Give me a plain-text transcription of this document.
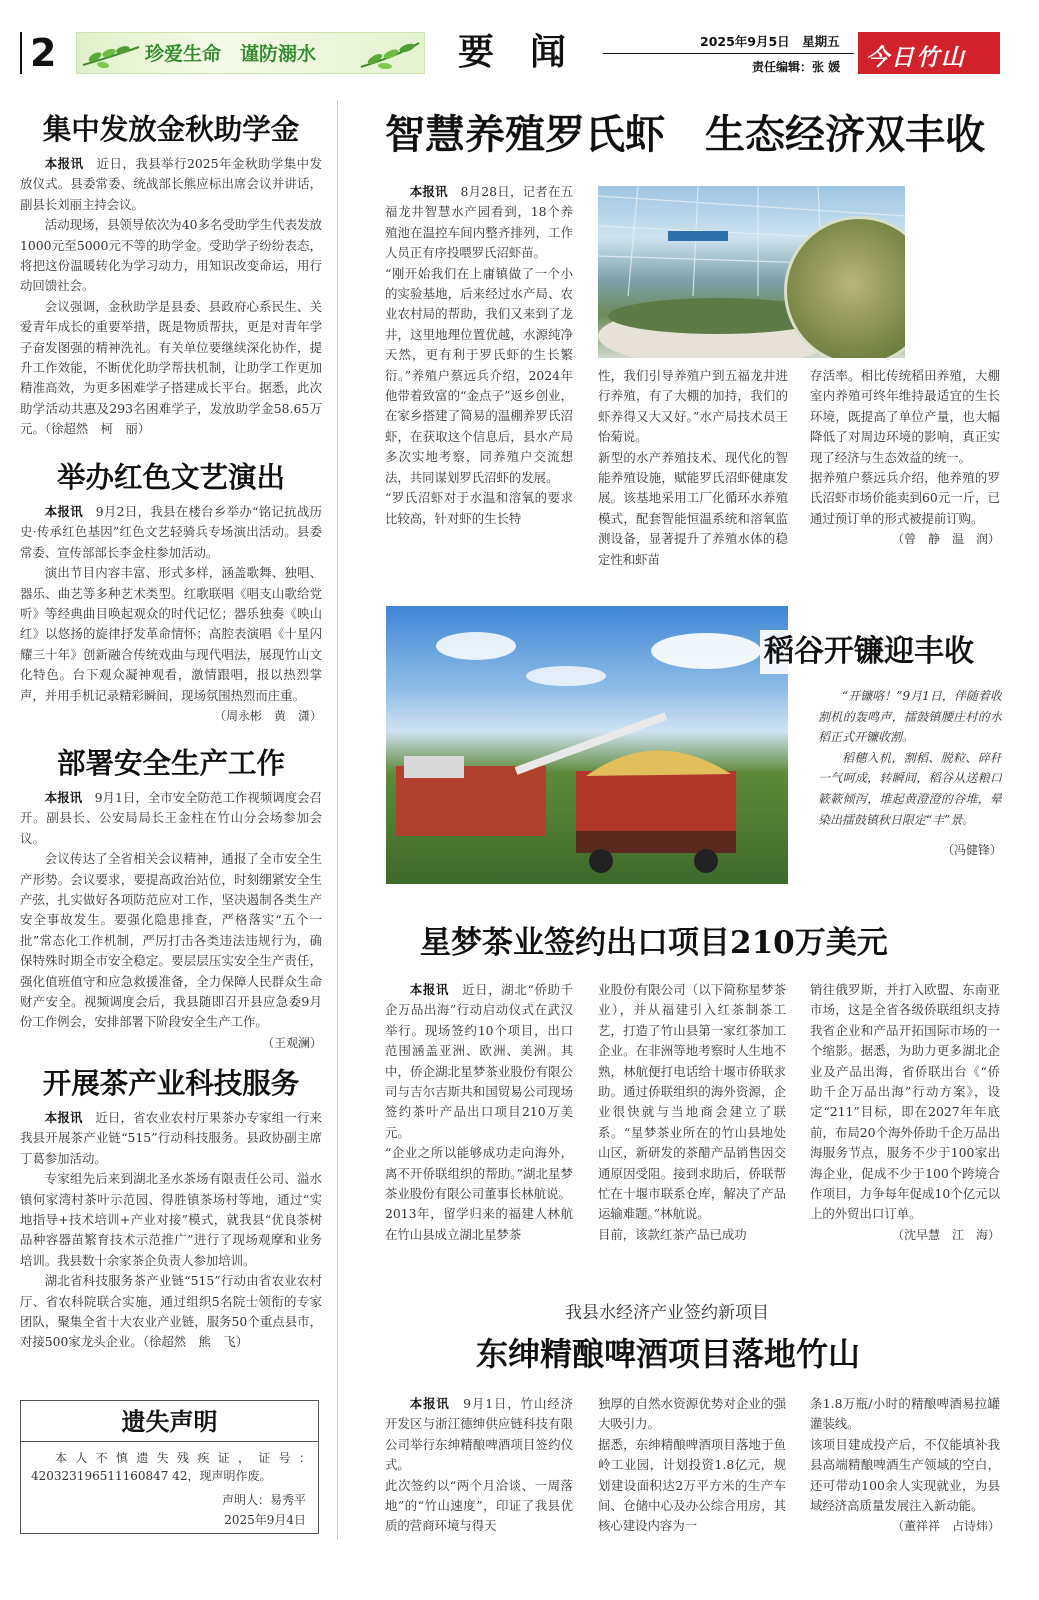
2	珍爱生命　谨防溺水	要　闻	2025年9月5日　星期五
责任编辑：张 媛 今日竹山
集中发放金秋助学金

本报讯　 近日，我县举行2025年金秋助学集中发放仪式。县委常委、统战部长熊应标出席会议并讲话，副县长刘丽主持会议。

活动现场，县领导依次为40多名受助学生代表发放1000元至5000元不等的助学金。受助学子纷纷表态，将把这份温暖转化为学习动力，用知识改变命运，用行动回馈社会。

会议强调，金秋助学是县委、县政府心系民生、关爱青年成长的重要举措，既是物质帮扶，更是对青年学子奋发图强的精神洗礼。有关单位要继续深化协作，提升工作效能，不断优化助学帮扶机制，让助学工作更加精准高效，为更多困难学子搭建成长平台。据悉，此次助学活动共惠及293名困难学子，发放助学金58.65万元。（徐超然　柯　丽）

举办红色文艺演出

本报讯　 9月2日，我县在楼台乡举办“铭记抗战历史·传承红色基因”红色文艺轻骑兵专场演出活动。县委常委、宣传部部长李金柱参加活动。

演出节目内容丰富、形式多样，涵盖歌舞、独唱、器乐、曲艺等多种艺术类型。红歌联唱《唱支山歌给党听》等经典曲目唤起观众的时代记忆；器乐独奏《映山红》以悠扬的旋律抒发革命情怀；高腔表演唱《十星闪耀三十年》创新融合传统戏曲与现代唱法，展现竹山文化特色。台下观众凝神观看，激情跟唱，报以热烈掌声，并用手机记录精彩瞬间，现场氛围热烈而庄重。

（周永彬　黄　潇）
部署安全生产工作

本报讯　 9月1日，全市安全防范工作视频调度会召开。副县长、公安局局长王金柱在竹山分会场参加会议。

会议传达了全省相关会议精神，通报了全市安全生产形势。会议要求，要提高政治站位，时刻绷紧安全生产弦，扎实做好各项防范应对工作，坚决遏制各类生产安全事故发生。要强化隐患排查，严格落实“五个一批”常态化工作机制，严厉打击各类违法违规行为，确保特殊时期全市安全稳定。要层层压实安全生产责任，强化值班值守和应急救援准备，全力保障人民群众生命财产安全。视频调度会后，我县随即召开县应急委9月份工作例会，安排部署下阶段安全生产工作。

（王观澜）
开展茶产业科技服务

本报讯　 近日，省农业农村厅果茶办专家组一行来我县开展茶产业链“515”行动科技服务。县政协副主席丁葛参加活动。

专家组先后来到湖北圣水茶场有限责任公司、溢水镇何家湾村茶叶示范园、得胜镇茶场村等地，通过“实地指导+技术培训+产业对接”模式，就我县“优良茶树品种容器苗繁育技术示范推广”进行了现场观摩和业务培训。我县数十余家茶企负责人参加培训。

湖北省科技服务茶产业链“515”行动由省农业农村厅、省农科院联合实施，通过组织5名院士领衔的专家团队，聚集全省十大农业产业链，服务50个重点县市，对接500家龙头企业。（徐超然　熊　飞）

遗失声明
本人不慎遗失残疾证，证号：420323196511160847 42，现声明作废。
声明人：易秀平
2025年9月4日
智慧养殖罗氏虾　生态经济双丰收

本报讯　 8月28日，记者在五福龙井智慧水产园看到，18个养殖池在温控车间内整齐排列，工作人员正有序投喂罗氏沼虾苗。
“刚开始我们在上庸镇做了一个小的实验基地，后来经过水产局、农业农村局的帮助，我们又来到了龙井，这里地理位置优越，水源纯净天然，更有利于罗氏虾的生长繁衍。”养殖户蔡远兵介绍，2024年他带着致富的“金点子”返乡创业，在家乡搭建了简易的温棚养罗氏沼虾，在获取这个信息后，县水产局多次实地考察，同养殖户交流想法，共同谋划罗氏沼虾的发展。
“罗氏沼虾对于水温和溶氧的要求比较高，针对虾的生长特

性，我们引导养殖户到五福龙井进行养殖，有了大棚的加持，我们的虾养得又大又好。”水产局技术员王怡菊说。
新型的水产养殖技术、现代化的智能养殖设施，赋能罗氏沼虾健康发展。该基地采用工厂化循环水养殖模式，配套智能恒温系统和溶氧监测设备，显著提升了养殖水体的稳定性和虾苗

存活率。相比传统稻田养殖，大棚室内养殖可终年维持最适宜的生长环境，既提高了单位产量，也大幅降低了对周边环境的影响，真正实现了经济与生态效益的统一。
据养殖户蔡远兵介绍，他养殖的罗氏沼虾市场价能卖到60元一斤，已通过预订单的形式被提前订购。

（曾　静　温　润）
稻谷开镰迎丰收

“开镰咯！”9月1日，伴随着收割机的轰鸣声，擂鼓镇腰庄村的水稻正式开镰收割。

稻穗入机，割稻、脱粒、碎秆一气呵成，转瞬间，稻谷从送粮口簌簌倾泻，堆起黄澄澄的谷堆，晕染出擂鼓镇秋日限定“丰”景。

（冯健锋）
星梦茶业签约出口项目210万美元

本报讯　 近日，湖北“侨助千企万品出海”行动启动仪式在武汉举行。现场签约10个项目，出口范围涵盖亚洲、欧洲、美洲。其中，侨企湖北星梦茶业股份有限公司与吉尔吉斯共和国贸易公司现场签约茶叶产品出口项目210万美元。
“企业之所以能够成功走向海外，离不开侨联组织的帮助。”湖北星梦茶业股份有限公司董事长林航说。
2013年，留学归来的福建人林航在竹山县成立湖北星梦茶

业股份有限公司（以下简称星梦茶业），并从福建引入红茶制茶工艺，打造了竹山县第一家红茶加工企业。在非洲等地考察时人生地不熟，林航便打电话给十堰市侨联求助。通过侨联组织的海外资源，企业很快就与当地商会建立了联系。“星梦茶业所在的竹山县地处山区，新研发的茶醋产品销售因交通原因受阻。接到求助后，侨联帮忙在十堰市联系仓库，解决了产品运输难题。”林航说。
目前，该款红茶产品已成功

销往俄罗斯，并打入欧盟、东南亚市场，这是全省各级侨联组织支持我省企业和产品开拓国际市场的一个缩影。据悉，为助力更多湖北企业及产品出海，省侨联出台《“侨助千企万品出海”行动方案》，设定“211”目标，即在2027年年底前，布局20个海外侨助千企万品出海服务节点，服务不少于100家出海企业，促成不少于100个跨境合作项目，力争每年促成10个亿元以上的外贸出口订单。

（沈早慧　江　海）
我县水经济产业签约新项目
东绅精酿啤酒项目落地竹山

本报讯　 9月1日，竹山经济开发区与浙江德绅供应链科技有限公司举行东绅精酿啤酒项目签约仪式。
此次签约以“两个月洽谈、一周落地”的“竹山速度”，印证了我县优质的营商环境与得天

独厚的自然水资源优势对企业的强大吸引力。
据悉，东绅精酿啤酒项目落地于鱼岭工业园，计划投资1.8亿元，规划建设面积达2万平方米的生产车间、仓储中心及办公综合用房，其核心建设内容为一

条1.8万瓶/小时的精酿啤酒易拉罐灌装线。
该项目建成投产后，不仅能填补我县高端精酿啤酒生产领域的空白，还可带动100余人实现就业，为县域经济高质量发展注入新动能。

（董祥祥　占诗炜）
